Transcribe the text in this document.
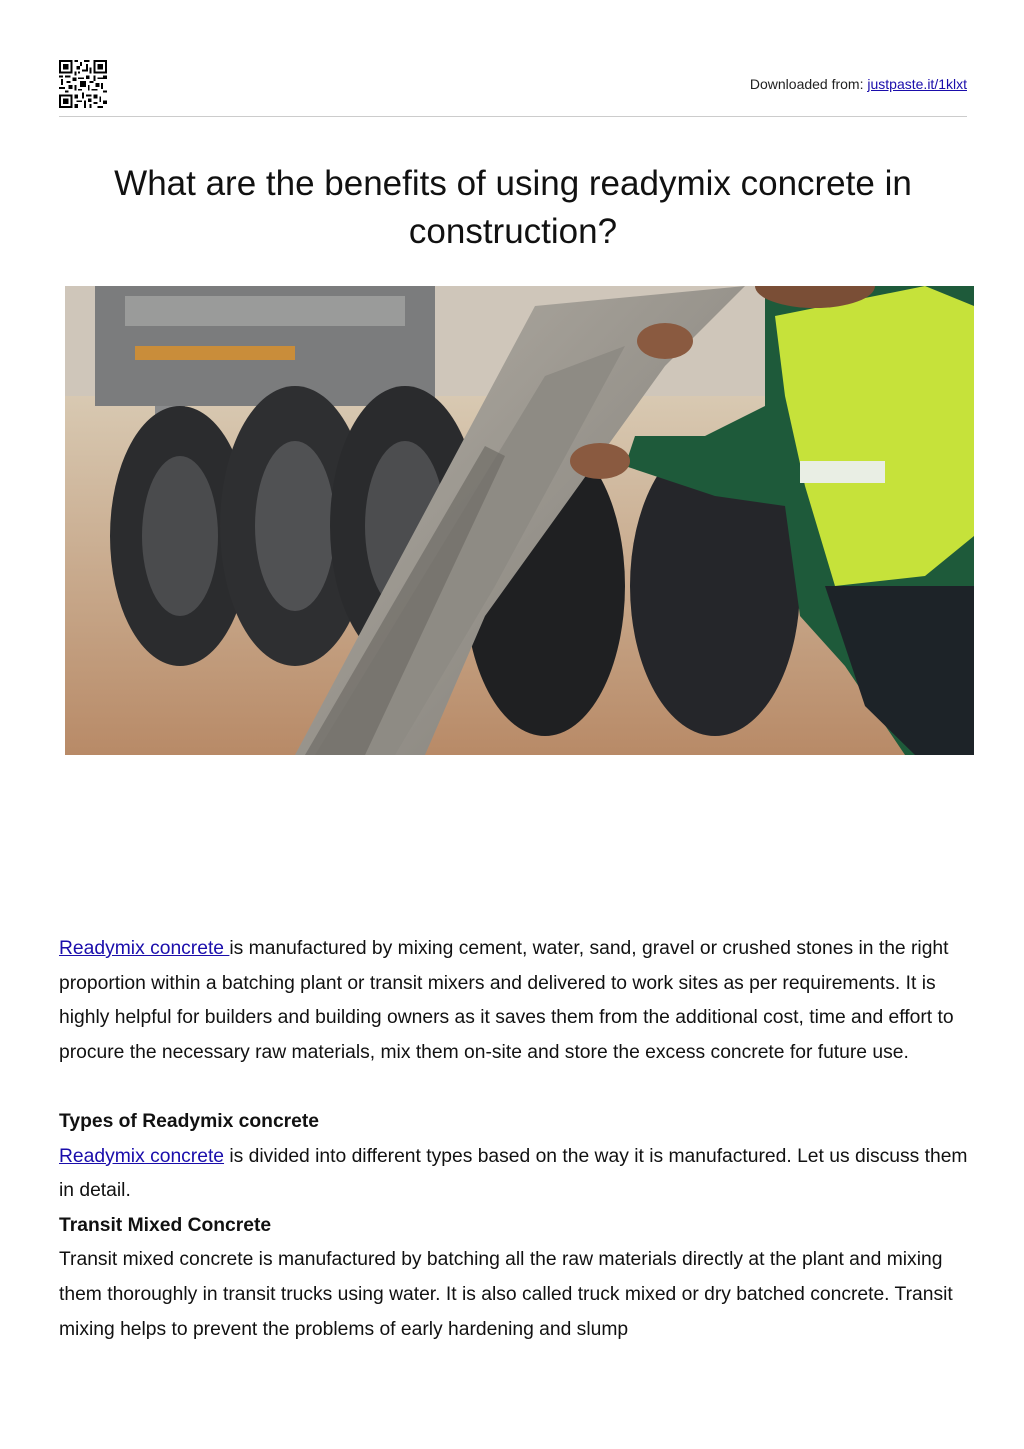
Downloaded from: justpaste.it/1klxt
What are the benefits of using readymix concrete in construction?

Readymix concrete is manufactured by mixing cement, water, sand, gravel or crushed stones in the right proportion within a batching plant or transit mixers and delivered to work sites as per requirements. It is highly helpful for builders and building owners as it saves them from the additional cost, time and effort to procure the necessary raw materials, mix them on-site and store the excess concrete for future use.

Types of Readymix concrete

Readymix concrete is divided into different types based on the way it is manufactured. Let us discuss them in detail.

Transit Mixed Concrete

Transit mixed concrete is manufactured by batching all the raw materials directly at the plant and mixing them thoroughly in transit trucks using water. It is also called truck mixed or dry batched concrete. Transit mixing helps to prevent the problems of early hardening and slump
